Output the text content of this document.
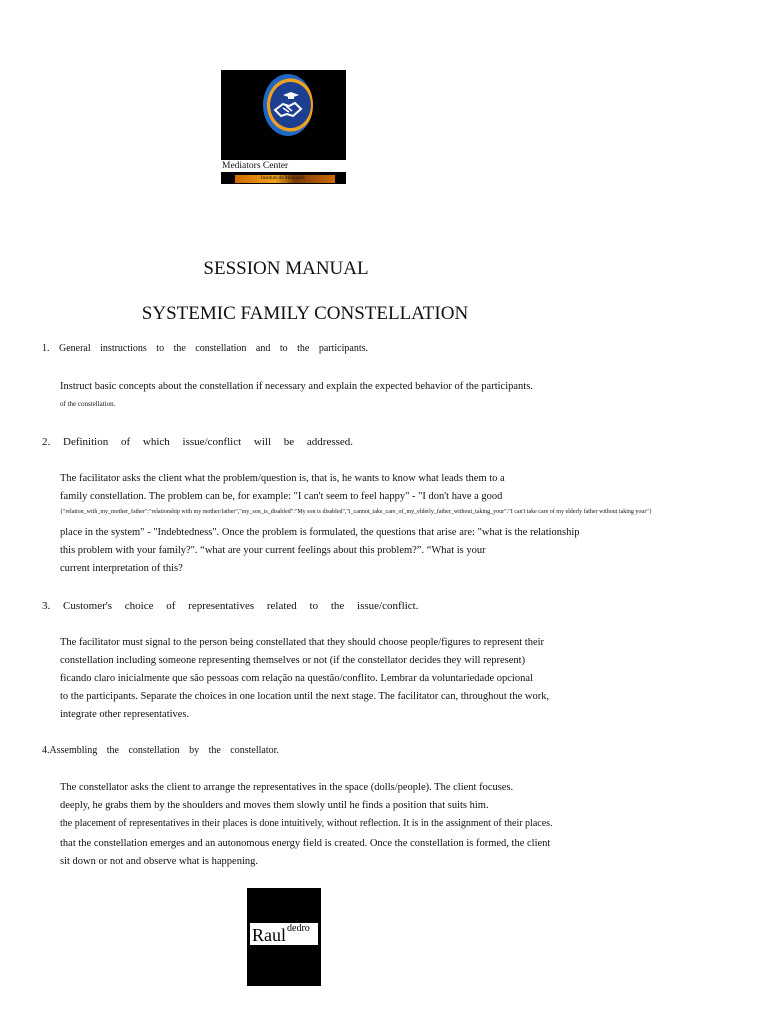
Mediators Center
Instituto de Mediação
SESSION MANUAL
SYSTEMIC FAMILY CONSTELLATION
1. General instructions to the constellation and to the participants.
Instruct basic concepts about the constellation if necessary and explain the expected behavior of the participants.
of the constellation.
2. Definition of which issue/conflict will be addressed.
The facilitator asks the client what the problem/question is, that is, he wants to know what leads them to a
family constellation. The problem can be, for example: "I can't seem to feel happy" - "I don't have a good
{"relation_with_my_mother_father":"relationship with my mother/father","my_son_is_disabled":"My son is disabled","i_cannot_take_care_of_my_elderly_father_without_taking_your":"I can't take care of my elderly father without taking your"}
place in the system" - "Indebtedness". Once the problem is formulated, the questions that arise are: "what is the relationship
this problem with your family?". “what are your current feelings about this problem?”. “What is your
current interpretation of this?
3. Customer's choice of representatives related to the issue/conflict.
The facilitator must signal to the person being constellated that they should choose people/figures to represent their
constellation including someone representing themselves or not (if the constellator decides they will represent)
ficando claro inicialmente que são pessoas com relação na questão/conflito. Lembrar da voluntariedade opcional
to the participants. Separate the choices in one location until the next stage. The facilitator can, throughout the work,
integrate other representatives.
4.Assembling the constellation by the constellator.
The constellator asks the client to arrange the representatives in the space (dolls/people). The client focuses.
deeply, he grabs them by the shoulders and moves them slowly until he finds a position that suits him.
the placement of representatives in their places is done intuitively, without reflection. It is in the assignment of their places.
that the constellation emerges and an autonomous energy field is created. Once the constellation is formed, the client
sit down or not and observe what is happening.
Raul dedro
